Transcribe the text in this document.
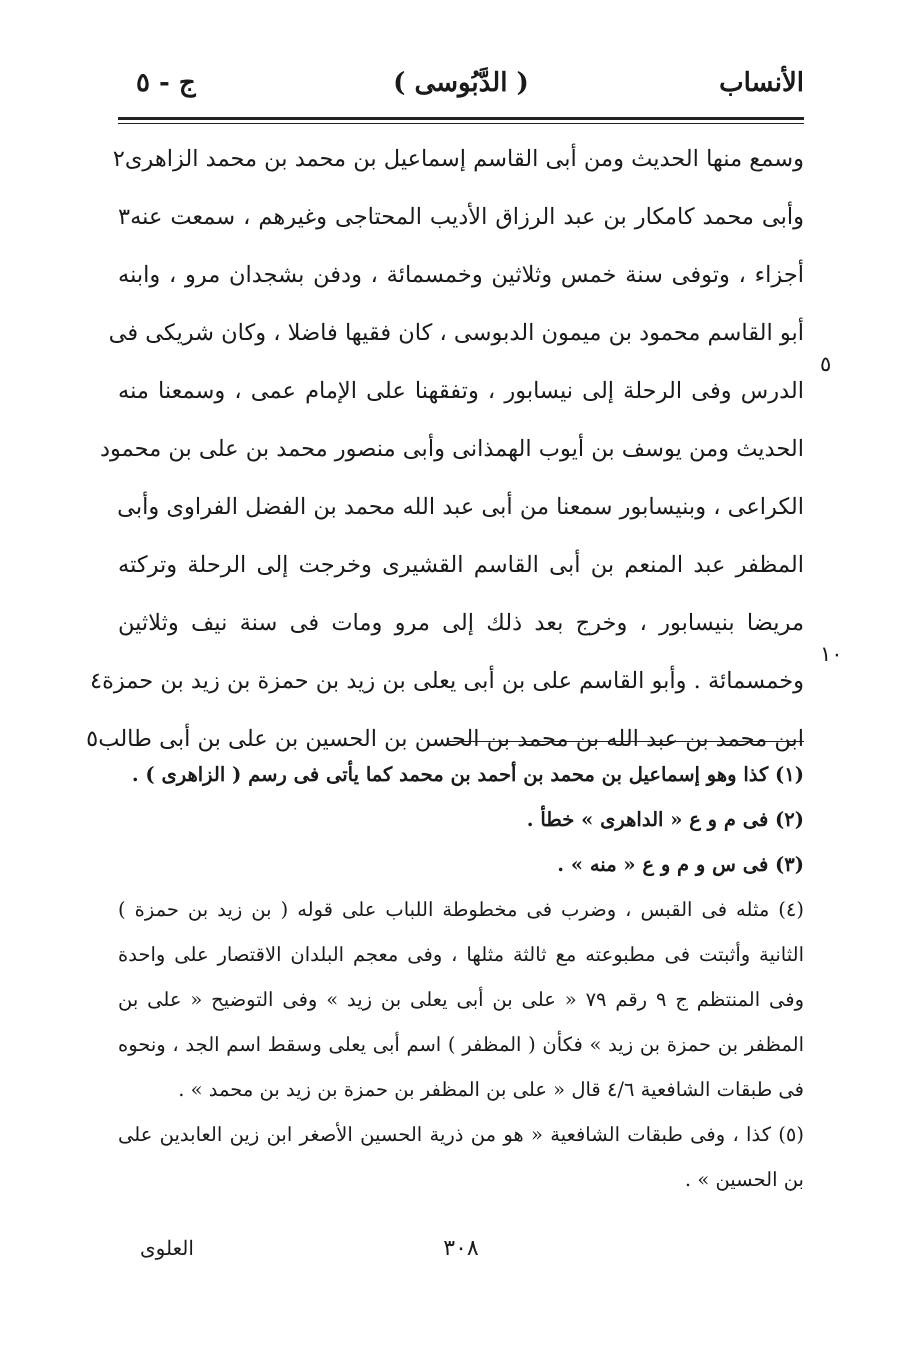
الأنساب
( الدَّبُوسى )
ج - ٥
وسمع منها الحديث ومن أبى القاسم إسماعيل بن محمد بن محمد الزاهرى٢
وأبى محمد كامكار بن عبد الرزاق الأديب المحتاجى وغيرهم ، سمعت عنه٣
أجزاء ، وتوفى سنة خمس وثلاثين وخمسمائة ، ودفن بشجدان مرو ، وابنه
أبو القاسم محمود بن ميمون الدبوسى ، كان فقيها فاضلا ، وكان شريكى فى
الدرس وفى الرحلة إلى نيسابور ، وتفقهنا على الإمام عمى ، وسمعنا منه
الحديث ومن يوسف بن أيوب الهمذانى وأبى منصور محمد بن على بن محمود
الكراعى ، وبنيسابور سمعنا من أبى عبد الله محمد بن الفضل الفراوى وأبى
المظفر عبد المنعم بن أبى القاسم القشيرى وخرجت إلى الرحلة وتركته
مريضا بنيسابور ، وخرج بعد ذلك إلى مرو ومات فى سنة نيف وثلاثين
وخمسمائة . وأبو القاسم على بن أبى يعلى بن زيد بن حمزة بن زيد بن حمزة٤
ابن محمد بن عبد الله بن محمد بن الحسن بن الحسين بن على بن أبى طالب٥
٥
١٠
(١) كذا وهو إسماعيل بن محمد بن أحمد بن محمد كما يأتى فى رسم ( الزاهرى ) .
(٢) فى م و ع « الداهرى » خطأ .
(٣) فى س و م و ع « منه » .
(٤) مثله فى القبس ، وضرب فى مخطوطة اللباب على قوله ( بن زيد بن حمزة ) الثانية وأثبتت فى مطبوعته مع ثالثة مثلها ، وفى معجم البلدان الاقتصار على واحدة وفى المنتظم ج ٩ رقم ٧٩ « على بن أبى يعلى بن زيد » وفى التوضيح « على بن المظفر بن حمزة بن زيد » فكأن ( المظفر ) اسم أبى يعلى وسقط اسم الجد ، ونحوه فى طبقات الشافعية ٤/٦ قال « على بن المظفر بن حمزة بن زيد بن محمد » .
(٥) كذا ، وفى طبقات الشافعية « هو من ذرية الحسين الأصغر ابن زين العابدين على بن الحسين » .
٣٠٨
العلوى
